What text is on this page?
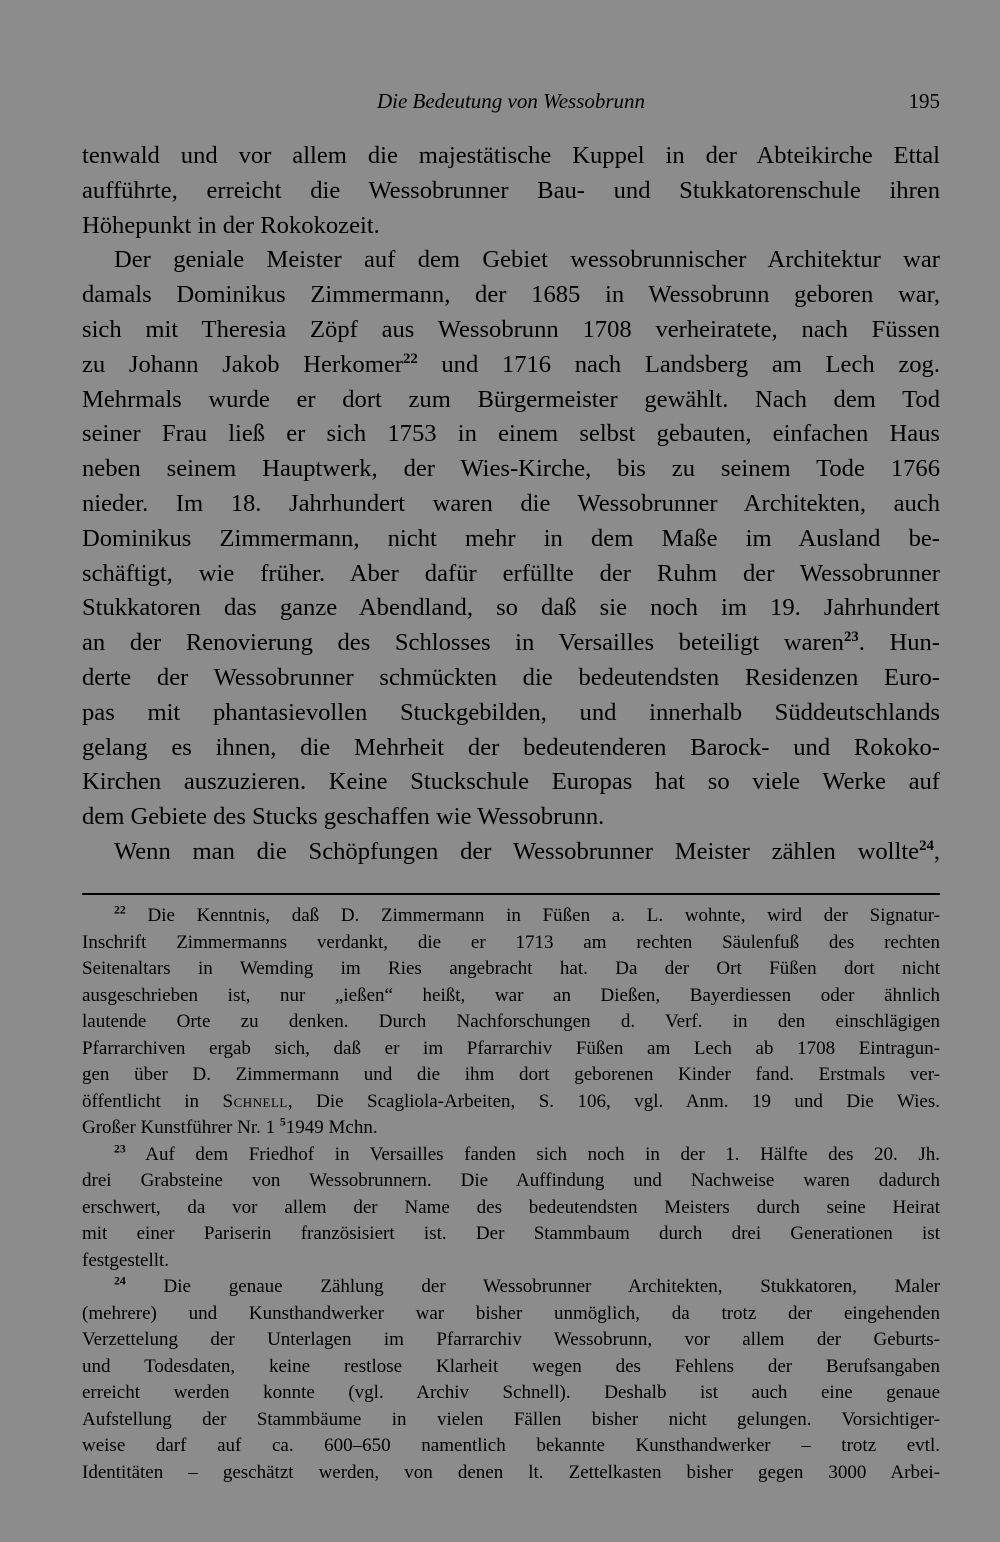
Die Bedeutung von Wessobrunn	195
tenwald und vor allem die majestätische Kuppel in der Abteikirche Ettal
aufführte, erreicht die Wessobrunner Bau- und Stukkatorenschule ihren
Höhepunkt in der Rokokozeit.
Der geniale Meister auf dem Gebiet wessobrunnischer Architektur war
damals Dominikus Zimmermann, der 1685 in Wessobrunn geboren war,
sich mit Theresia Zöpf aus Wessobrunn 1708 verheiratete, nach Füssen
zu Johann Jakob Herkomer$^{22}$ und 1716 nach Landsberg am Lech zog.
Mehrmals wurde er dort zum Bürgermeister gewählt. Nach dem Tod
seiner Frau ließ er sich 1753 in einem selbst gebauten, einfachen Haus
neben seinem Hauptwerk, der Wies-Kirche, bis zu seinem Tode 1766
nieder. Im 18. Jahrhundert waren die Wessobrunner Architekten, auch
Dominikus Zimmermann, nicht mehr in dem Maße im Ausland be-
schäftigt, wie früher. Aber dafür erfüllte der Ruhm der Wessobrunner
Stukkatoren das ganze Abendland, so daß sie noch im 19. Jahrhundert
an der Renovierung des Schlosses in Versailles beteiligt waren$^{23}$. Hun-
derte der Wessobrunner schmückten die bedeutendsten Residenzen Euro-
pas mit phantasievollen Stuckgebilden, und innerhalb Süddeutschlands
gelang es ihnen, die Mehrheit der bedeutenderen Barock- und Rokoko-
Kirchen auszuzieren. Keine Stuckschule Europas hat so viele Werke auf
dem Gebiete des Stucks geschaffen wie Wessobrunn.
Wenn man die Schöpfungen der Wessobrunner Meister zählen wollte$^{24}$,
$^{22}$ Die Kenntnis, daß D. Zimmermann in Füßen a. L. wohnte, wird der Signatur-
Inschrift Zimmermanns verdankt, die er 1713 am rechten Säulenfuß des rechten
Seitenaltars in Wemding im Ries angebracht hat. Da der Ort Füßen dort nicht
ausgeschrieben ist, nur „ießen“ heißt, war an Dießen, Bayerdiessen oder ähnlich
lautende Orte zu denken. Durch Nachforschungen d. Verf. in den einschlägigen
Pfarrarchiven ergab sich, daß er im Pfarrarchiv Füßen am Lech ab 1708 Eintragun-
gen über D. Zimmermann und die ihm dort geborenen Kinder fand. Erstmals ver-
öffentlicht in Schnell, Die Scagliola-Arbeiten, S. 106, vgl. Anm. 19 und Die Wies.
Großer Kunstführer Nr. 1 $^5$1949 Mchn.
$^{23}$ Auf dem Friedhof in Versailles fanden sich noch in der 1. Hälfte des 20. Jh.
drei Grabsteine von Wessobrunnern. Die Auffindung und Nachweise waren dadurch
erschwert, da vor allem der Name des bedeutendsten Meisters durch seine Heirat
mit einer Pariserin französisiert ist. Der Stammbaum durch drei Generationen ist
festgestellt.
$^{24}$ Die genaue Zählung der Wessobrunner Architekten, Stukkatoren, Maler
(mehrere) und Kunsthandwerker war bisher unmöglich, da trotz der eingehenden
Verzettelung der Unterlagen im Pfarrarchiv Wessobrunn, vor allem der Geburts-
und Todesdaten, keine restlose Klarheit wegen des Fehlens der Berufsangaben
erreicht werden konnte (vgl. Archiv Schnell). Deshalb ist auch eine genaue
Aufstellung der Stammbäume in vielen Fällen bisher nicht gelungen. Vorsichtiger-
weise darf auf ca. 600–650 namentlich bekannte Kunsthandwerker – trotz evtl.
Identitäten – geschätzt werden, von denen lt. Zettelkasten bisher gegen 3000 Arbei-
